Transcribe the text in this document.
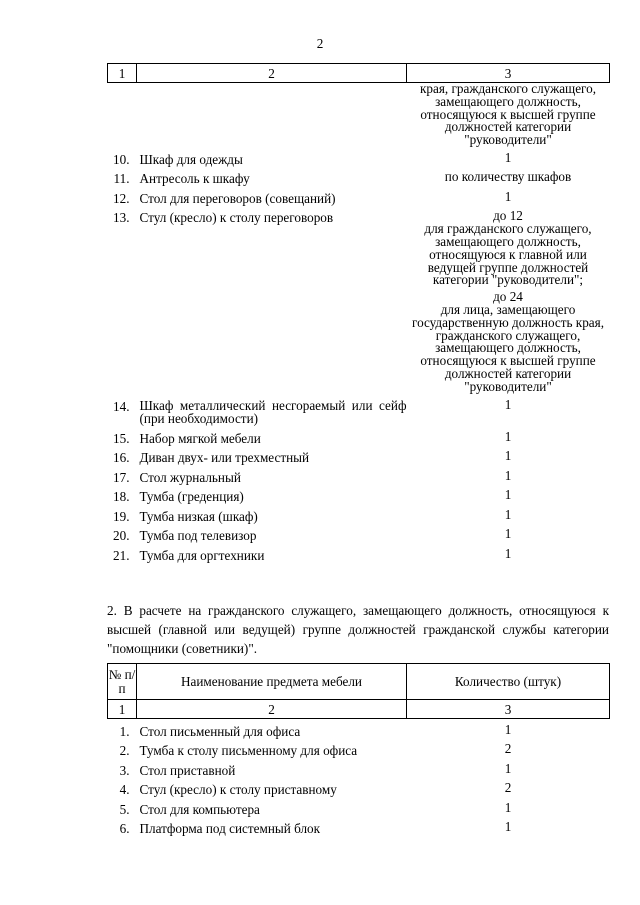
2
1	2	3
		края, гражданского служащего, замещающего должность, относящуюся к высшей группе должностей категории "руководители"

10.	Шкаф для одежды	1
11.	Антресоль к шкафу	по количеству шкафов
12.	Стол для переговоров (совещаний)	1
13.	Стул (кресло) к столу переговоров	до 12
для гражданского служащего, замещающего должность, относящуюся к главной или ведущей группе должностей категории "руководители";
до 24
для лица, замещающего государственную должность края, гражданского служащего, замещающего должность, относящуюся к высшей группе должностей категории "руководители"

14.	Шкаф металлический несгораемый или сейф (при необходимости)	1

15.	Набор мягкой мебели	1
16.	Диван двух- или трехместный	1
17.	Стол журнальный	1
18.	Тумба (греденция)	1
19.	Тумба низкая (шкаф)	1
20.	Тумба под телевизор	1
21.	Тумба для оргтехники	1
2. В расчете на гражданского служащего, замещающего должность, относящуюся к высшей (главной или ведущей) группе должностей гражданской службы категории "помощники (советники)".
№ п/п	Наименование предмета мебели	Количество (штук)
1	2	3

1.	Стол письменный для офиса	1
2.	Тумба к столу письменному для офиса	2
3.	Стол приставной	1
4.	Стул (кресло) к столу приставному	2
5.	Стол для компьютера	1
6.	Платформа под системный блок	1
